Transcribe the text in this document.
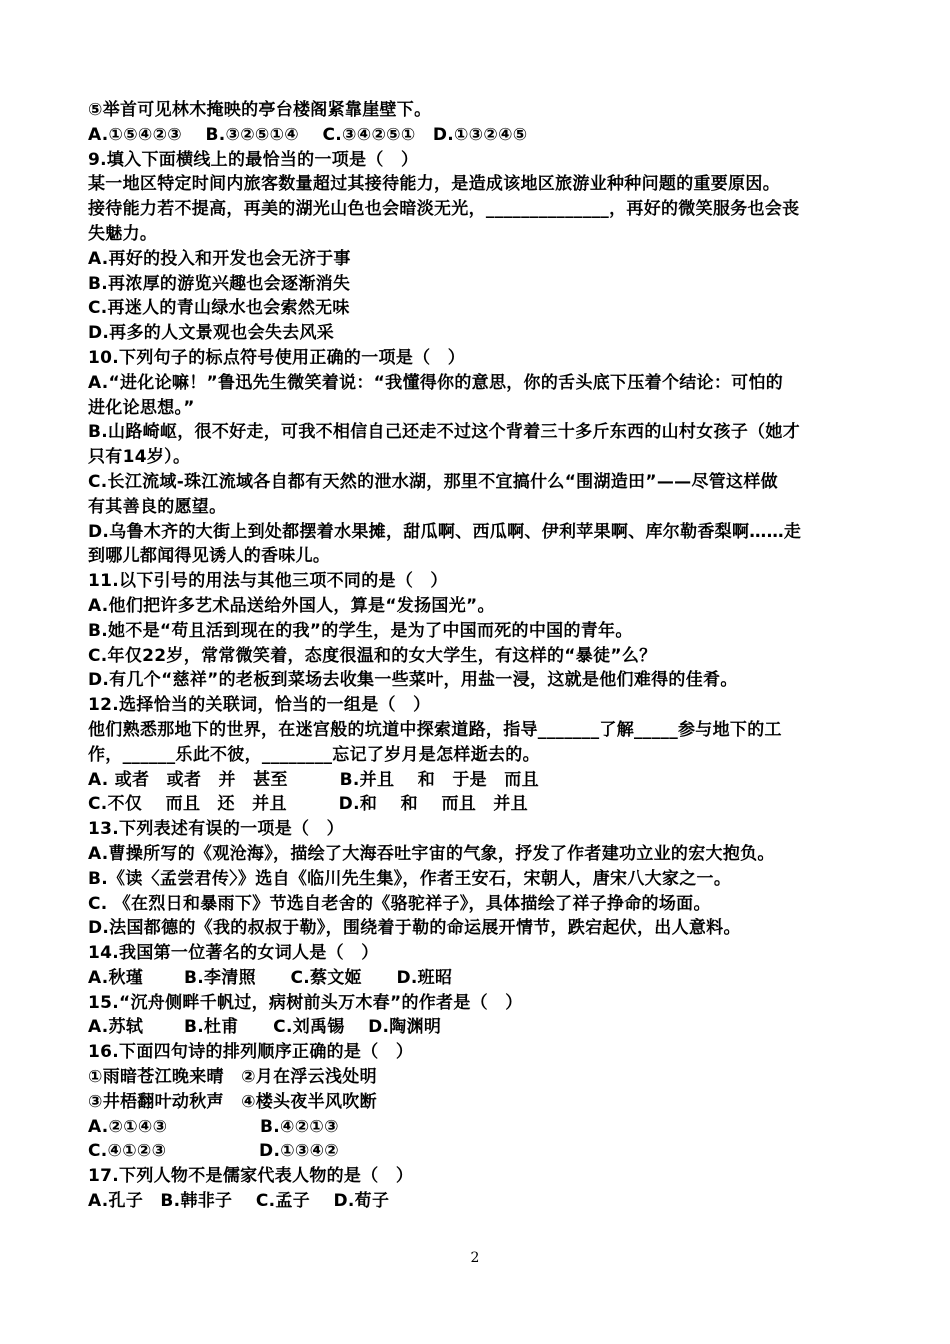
⑤举首可见林木掩映的亭台楼阁紧靠崖壁下。
A.①⑤④②③　 B.③②⑤①④　 C.③④②⑤①　D.①③②④⑤
9.填入下面横线上的最恰当的一项是（　）
某一地区特定时间内旅客数量超过其接待能力，是造成该地区旅游业种种问题的重要原因。
接待能力若不提高，再美的湖光山色也会暗淡无光，______________，再好的微笑服务也会丧
失魅力。
A.再好的投入和开发也会无济于事
B.再浓厚的游览兴趣也会逐渐消失
C.再迷人的青山绿水也会索然无味
D.再多的人文景观也会失去风采
10.下列句子的标点符号使用正确的一项是（　）
A.“进化论嘛！”鲁迅先生微笑着说：“我懂得你的意思，你的舌头底下压着个结论：可怕的
进化论思想。”
B.山路崎岖，很不好走，可我不相信自己还走不过这个背着三十多斤东西的山村女孩子（她才
只有14岁）。
C.长江流域-珠江流域各自都有天然的泄水湖，那里不宜搞什么“围湖造田”——尽管这样做
有其善良的愿望。
D.乌鲁木齐的大街上到处都摆着水果摊，甜瓜啊、西瓜啊、伊利苹果啊、库尔勒香梨啊……走
到哪儿都闻得见诱人的香味儿。
11.以下引号的用法与其他三项不同的是（　）
A.他们把许多艺术品送给外国人，算是“发扬国光”。
B.她不是“苟且活到现在的我”的学生，是为了中国而死的中国的青年。
C.年仅22岁，常常微笑着，态度很温和的女大学生，有这样的“暴徒”么？
D.有几个“慈祥”的老板到菜场去收集一些菜叶，用盐一浸，这就是他们难得的佳肴。
12.选择恰当的关联词，恰当的一组是（　）
他们熟悉那地下的世界，在迷宫般的坑道中探索道路，指导_______了解_____参与地下的工
作，______乐此不彼，________忘记了岁月是怎样逝去的。
A. 或者　或者　并　甚至　　　B.并且　 和　于是　而且
C.不仅　 而且　还　并且　　　D.和　 和　 而且　并且
13.下列表述有误的一项是（　）
A.曹操所写的《观沧海》，描绘了大海吞吐宇宙的气象，抒发了作者建功立业的宏大抱负。
B.《读〈孟尝君传〉》选自《临川先生集》，作者王安石，宋朝人，唐宋八大家之一。
C. 《在烈日和暴雨下》节选自老舍的《骆驼祥子》，具体描绘了祥子挣命的场面。
D.法国都德的《我的叔叔于勒》，围绕着于勒的命运展开情节，跌宕起伏，出人意料。
14.我国第一位著名的女词人是（　）
A.秋瑾　　 B.李清照　　C.蔡文姬　　D.班昭
15.“沉舟侧畔千帆过，病树前头万木春”的作者是（　）
A.苏轼　　 B.杜甫　　C.刘禹锡　 D.陶渊明
16.下面四句诗的排列顺序正确的是（　）
①雨暗苍江晚来晴　②月在浮云浅处明
③井梧翻叶动秋声　④楼头夜半风吹断
A.②①④③　　　　　 B.④②①③
C.④①②③　　　　　 D.①③④②
17.下列人物不是儒家代表人物的是（　）
A.孔子　B.韩非子　 C.孟子　 D.荀子
2
